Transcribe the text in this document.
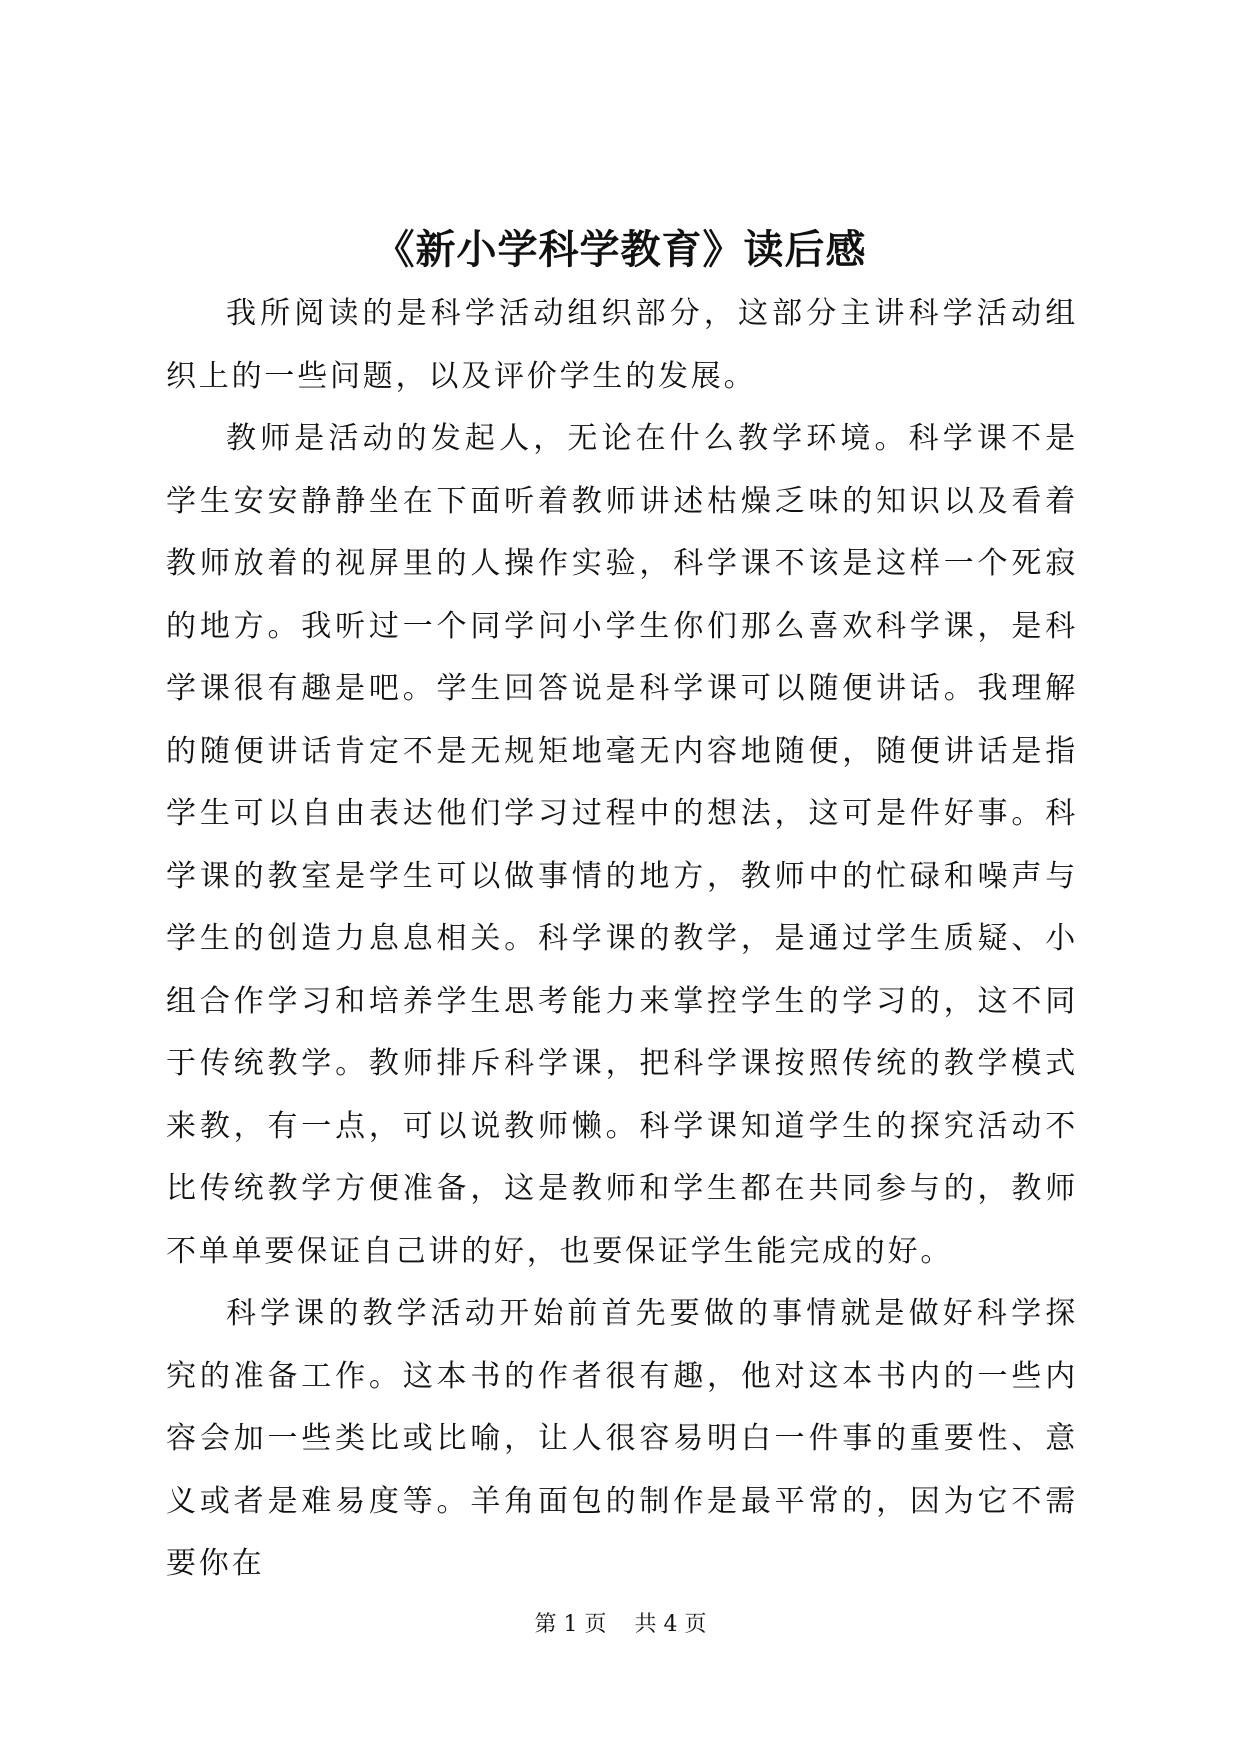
《新小学科学教育》读后感

我所阅读的是科学活动组织部分，这部分主讲科学活动组织上的一些问题，以及评价学生的发展。

教师是活动的发起人，无论在什么教学环境。科学课不是学生安安静静坐在下面听着教师讲述枯燥乏味的知识以及看着教师放着的视屏里的人操作实验，科学课不该是这样一个死寂的地方。我听过一个同学问小学生你们那么喜欢科学课，是科学课很有趣是吧。学生回答说是科学课可以随便讲话。我理解的随便讲话肯定不是无规矩地毫无内容地随便，随便讲话是指学生可以自由表达他们学习过程中的想法，这可是件好事。科学课的教室是学生可以做事情的地方，教师中的忙碌和噪声与学生的创造力息息相关。科学课的教学，是通过学生质疑、小组合作学习和培养学生思考能力来掌控学生的学习的，这不同于传统教学。教师排斥科学课，把科学课按照传统的教学模式来教，有一点，可以说教师懒。科学课知道学生的探究活动不比传统教学方便准备，这是教师和学生都在共同参与的，教师不单单要保证自己讲的好，也要保证学生能完成的好。

科学课的教学活动开始前首先要做的事情就是做好科学探究的准备工作。这本书的作者很有趣，他对这本书内的一些内容会加一些类比或比喻，让人很容易明白一件事的重要性、意义或者是难易度等。羊角面包的制作是最平常的，因为它不需要你在

第 1 页 共 4 页
